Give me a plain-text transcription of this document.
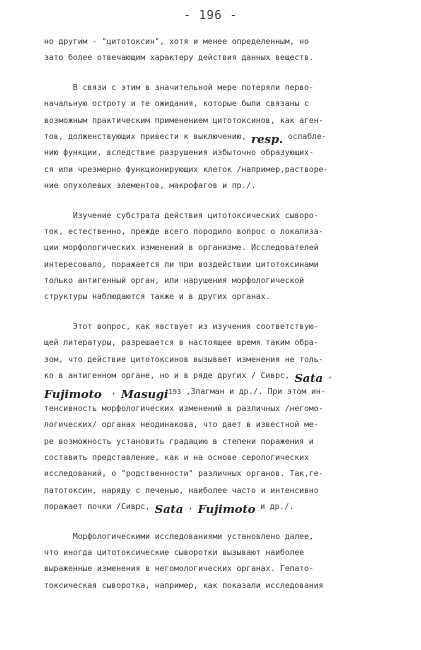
- 196 -
$^{но другим - "цитотоксин", хотя и менее определенным, но}$
$^{зато более отвечающим характеру действия данных веществ.}$
$^{В связи с этим в значительной мере потеряли перво-}$
$^{начальную остроту и те ожидания, которые были связаны с}$
$^{возможным практическим применением цитотоксинов, как аген-}$
$^{тов, долженствующих привести к выключению,}$ resp. $^{ослабле-}$
$^{нию функции, вследствие разрушения избыточно образующих-}$
$^{ся или чрезмерно функционирующих клеток /например,растворе-}$
$^{ние опухолевых элементов, макрофагов и пр./.}$
$^{Изучение субстрата действия цитотоксических сыворо-}$
$^{ток, естественно, прежде всего породило вопрос о локализа-}$
$^{ции морфологических изменений в организме. Исследователей}$
$^{интересовало, поражается ли при воздействии цитотоксинами}$
$^{только антигенный орган, или нарушения морфологической}$
$^{структуры наблюдаются также и в других органах.}$
$^{Этот вопрос, как явствует из изучения соответствую-}$
$^{щей литературы, разрешается в настоящее время таким обра-}$
$^{зом, что действие цитотоксинов вызывает изменения не толь-}$
$^{ко в антигенном органе, но и в ряде других / Сиврс,}$ Sata ,
Fujimoto  , Masugi$^{193}$ $^{,Злагман и др./. При этом ин-}$
$^{тенсивность морфологических изменений в различных /негомо-}$
$^{логических/ органах неодинакова, что дает в известной ме-}$
$^{ре возможность установить градацию в степени поражения и}$
$^{составить представление, как и на основе серологических}$
$^{исследований, о "родственности" различных органов. Так,ге-}$
$^{патотоксин, наряду с печенью, наиболее часто и интенсивно}$
$^{поражает почки /Сиврс,}$ Sata , Fujimoto $^{и др./.}$
$^{Морфологическими исследованиями установлено далее,}$
$^{что иногда цитотоксические сыворотки вызывают наиболее}$
$^{выраженные изменения в негомологических органах. Гепато-}$
$^{токсическая сыворотка, например, как показали исследования}$
